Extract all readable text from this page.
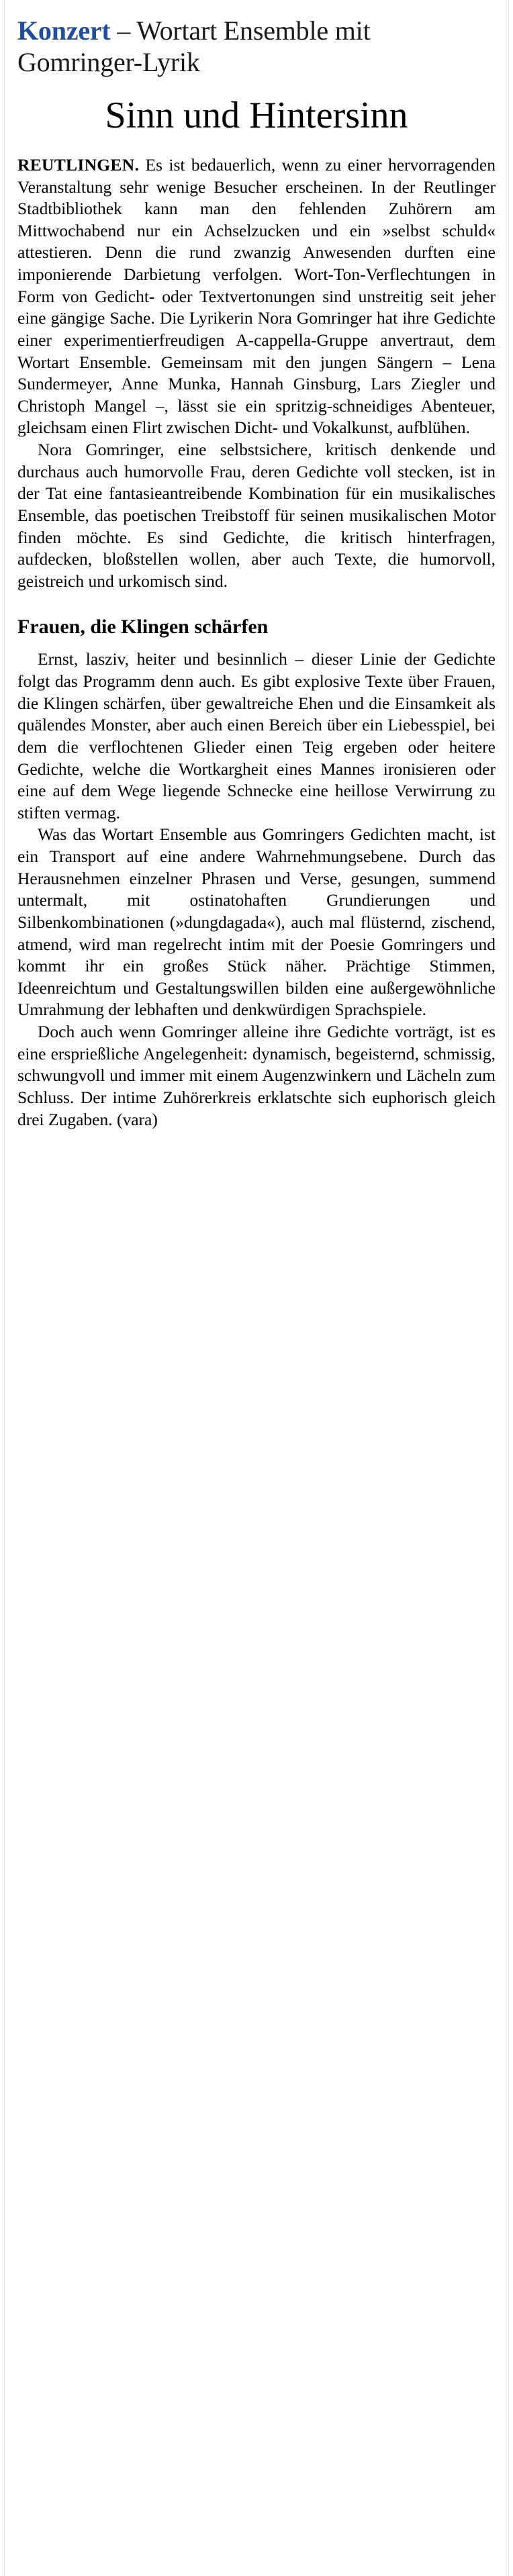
Konzert – Wortart Ensemble mit Gomringer-Lyrik
Sinn und Hintersinn

REUTLINGEN. Es ist bedauerlich, wenn zu einer hervorragenden Veranstaltung sehr wenige Besucher erscheinen. In der Reutlinger Stadtbibliothek kann man den fehlenden Zuhörern am Mittwochabend nur ein Achselzucken und ein »selbst schuld« attestieren. Denn die rund zwanzig Anwesenden durften eine imponierende Darbietung verfolgen. Wort-Ton-Verflechtungen in Form von Gedicht- oder Textvertonungen sind unstreitig seit jeher eine gängige Sache. Die Lyrikerin Nora Gomringer hat ihre Gedichte einer experimentierfreudigen A-cappella-Gruppe anvertraut, dem Wortart Ensemble. Gemeinsam mit den jungen Sängern – Lena Sundermeyer, Anne Munka, Hannah Ginsburg, Lars Ziegler und Christoph Mangel –, lässt sie ein spritzig-schneidiges Abenteuer, gleichsam einen Flirt zwischen Dicht- und Vokalkunst, aufblühen.

Nora Gomringer, eine selbstsichere, kritisch denkende und durchaus auch humorvolle Frau, deren Gedichte voll stecken, ist in der Tat eine fantasieantreibende Kombination für ein musikalisches Ensemble, das poetischen Treibstoff für seinen musikalischen Motor finden möchte. Es sind Gedichte, die kritisch hinterfragen, aufdecken, bloßstellen wollen, aber auch Texte, die humorvoll, geistreich und urkomisch sind.

Frauen, die Klingen schärfen

Ernst, lasziv, heiter und besinnlich – dieser Linie der Gedichte folgt das Programm denn auch. Es gibt explosive Texte über Frauen, die Klingen schärfen, über gewaltreiche Ehen und die Einsamkeit als quälendes Monster, aber auch einen Bereich über ein Liebesspiel, bei dem die verflochtenen Glieder einen Teig ergeben oder heitere Gedichte, welche die Wortkargheit eines Mannes ironisieren oder eine auf dem Wege liegende Schnecke eine heillose Verwirrung zu stiften vermag.

Was das Wortart Ensemble aus Gomringers Gedichten macht, ist ein Transport auf eine andere Wahrnehmungsebene. Durch das Herausnehmen einzelner Phrasen und Verse, gesungen, summend untermalt, mit ostinatohaften Grundierungen und Silbenkombinationen (»dungdagada«), auch mal flüsternd, zischend, atmend, wird man regelrecht intim mit der Poesie Gomringers und kommt ihr ein großes Stück näher. Prächtige Stimmen, Ideenreichtum und Gestaltungswillen bilden eine außergewöhnliche Umrahmung der lebhaften und denkwürdigen Sprachspiele.

Doch auch wenn Gomringer alleine ihre Gedichte vorträgt, ist es eine ersprießliche Angelegenheit: dynamisch, begeisternd, schmissig, schwungvoll und immer mit einem Augenzwinkern und Lächeln zum Schluss. Der intime Zuhörerkreis erklatschte sich euphorisch gleich drei Zugaben. (vara)
